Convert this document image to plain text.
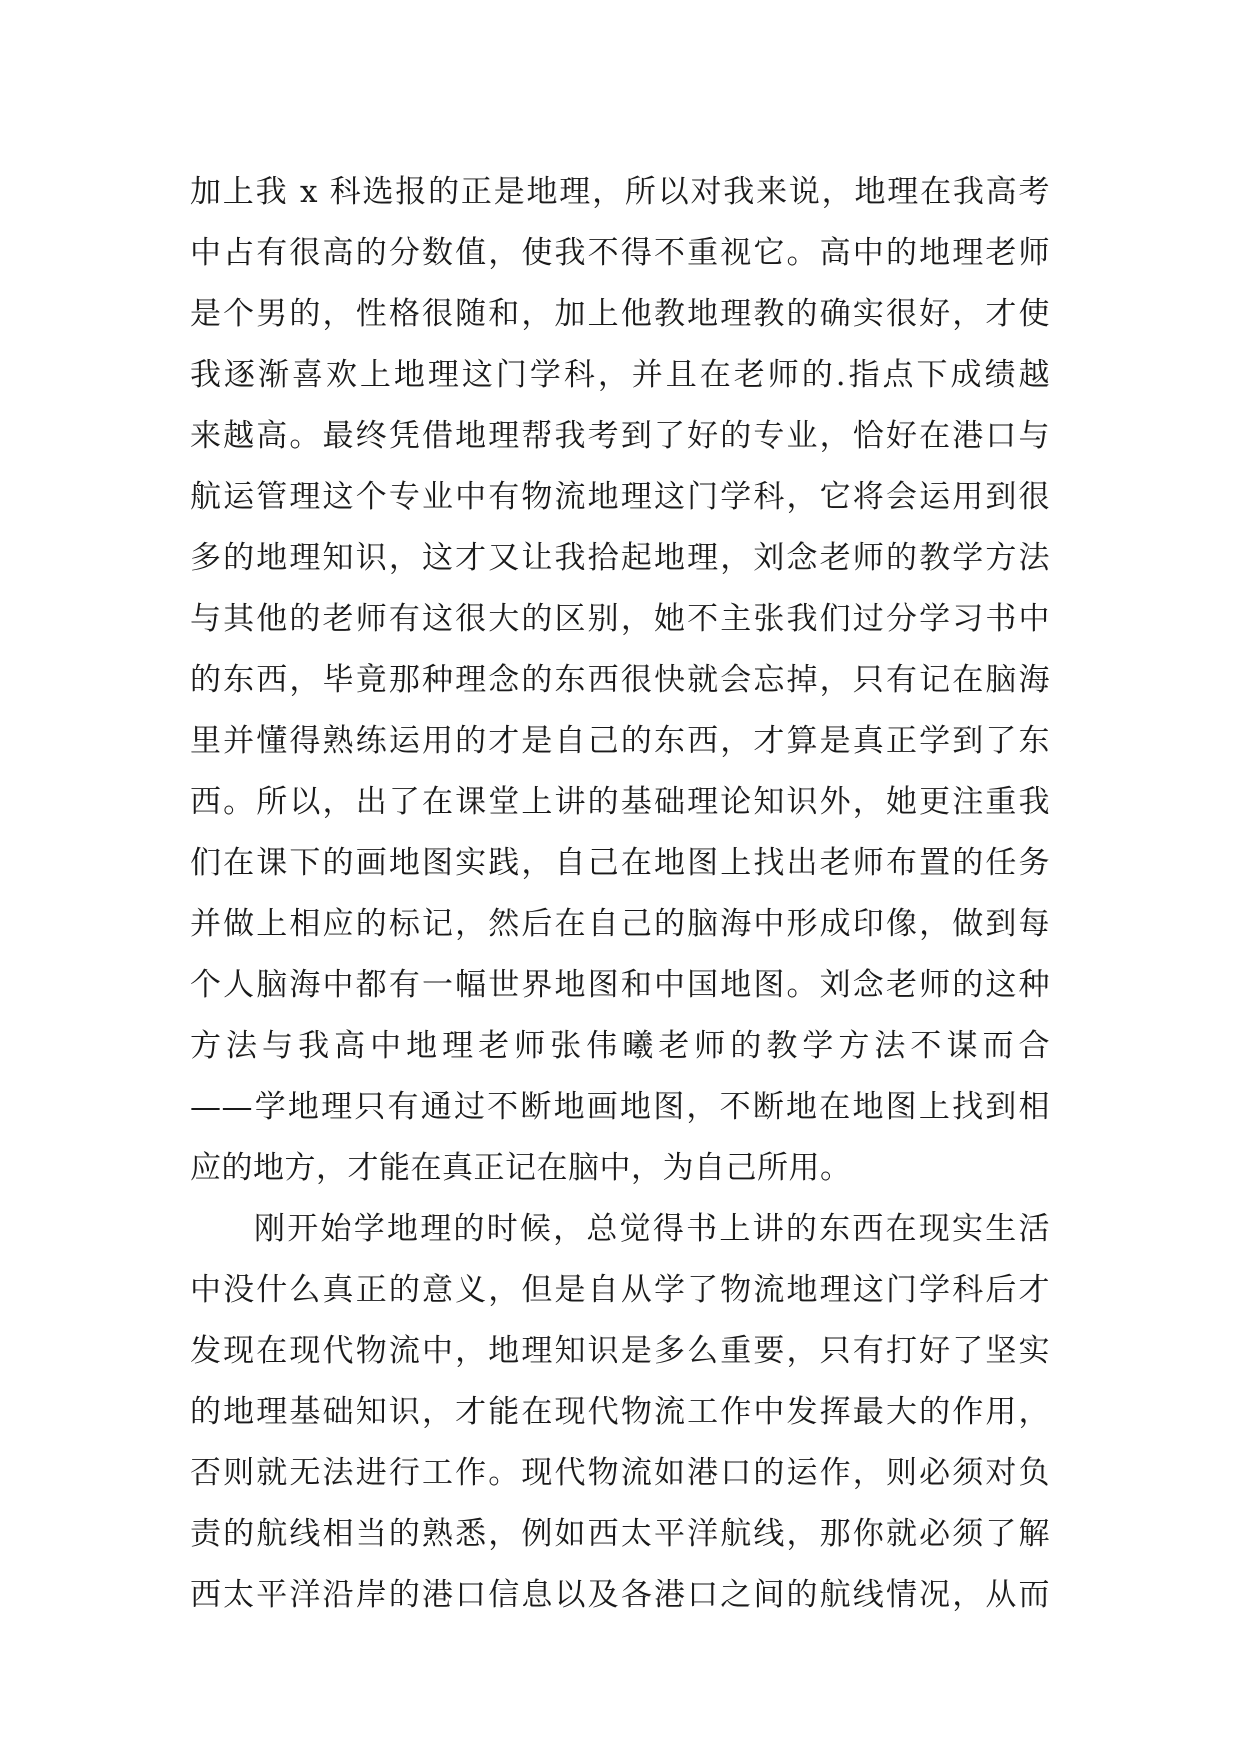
加上我 x 科选报的正是地理，所以对我来说，地理在我高考
中占有很高的分数值，使我不得不重视它。高中的地理老师
是个男的，性格很随和，加上他教地理教的确实很好，才使
我逐渐喜欢上地理这门学科，并且在老师的.指点下成绩越
来越高。最终凭借地理帮我考到了好的专业，恰好在港口与
航运管理这个专业中有物流地理这门学科，它将会运用到很
多的地理知识，这才又让我拾起地理，刘念老师的教学方法
与其他的老师有这很大的区别，她不主张我们过分学习书中
的东西，毕竟那种理念的东西很快就会忘掉，只有记在脑海
里并懂得熟练运用的才是自己的东西，才算是真正学到了东
西。所以，出了在课堂上讲的基础理论知识外，她更注重我
们在课下的画地图实践，自己在地图上找出老师布置的任务
并做上相应的标记，然后在自己的脑海中形成印像，做到每
个人脑海中都有一幅世界地图和中国地图。刘念老师的这种
方法与我高中地理老师张伟曦老师的教学方法不谋而合
——学地理只有通过不断地画地图，不断地在地图上找到相
应的地方，才能在真正记在脑中，为自己所用。
刚开始学地理的时候，总觉得书上讲的东西在现实生活
中没什么真正的意义，但是自从学了物流地理这门学科后才
发现在现代物流中，地理知识是多么重要，只有打好了坚实
的地理基础知识，才能在现代物流工作中发挥最大的作用，
否则就无法进行工作。现代物流如港口的运作，则必须对负
责的航线相当的熟悉，例如西太平洋航线，那你就必须了解
西太平洋沿岸的港口信息以及各港口之间的航线情况，从而
